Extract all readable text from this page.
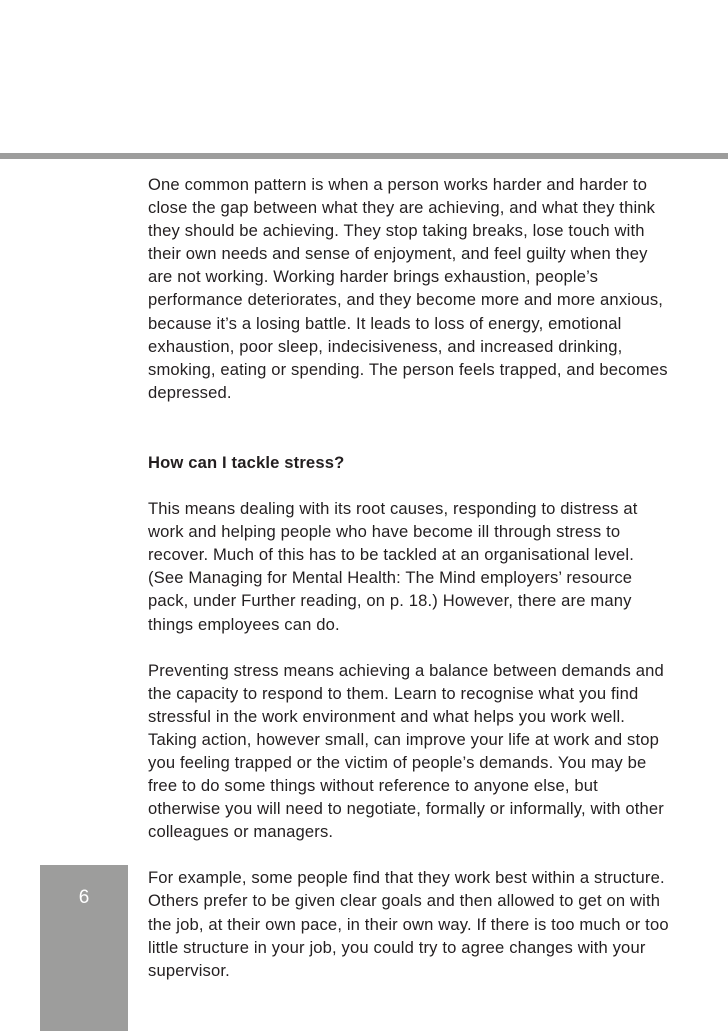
One common pattern is when a person works harder and harder to close the gap between what they are achieving, and what they think they should be achieving. They stop taking breaks, lose touch with their own needs and sense of enjoyment, and feel guilty when they are not working. Working harder brings exhaustion, people’s performance deteriorates, and they become more and more anxious, because it’s a losing battle. It leads to loss of energy, emotional exhaustion, poor sleep, indecisiveness, and increased drinking, smoking, eating or spending. The person feels trapped, and becomes depressed.

How can I tackle stress?

This means dealing with its root causes, responding to distress at work and helping people who have become ill through stress to recover. Much of this has to be tackled at an organisational level. (See Managing for Mental Health: The Mind employers’ resource pack, under Further reading, on p. 18.) However, there are many things employees can do.

Preventing stress means achieving a balance between demands and the capacity to respond to them. Learn to recognise what you find stressful in the work environment and what helps you work well. Taking action, however small, can improve your life at work and stop you feeling trapped or the victim of people’s demands. You may be free to do some things without reference to anyone else, but otherwise you will need to negotiate, formally or informally, with other colleagues or managers.

For example, some people find that they work best within a structure. Others prefer to be given clear goals and then allowed to get on with the job, at their own pace, in their own way. If there is too much or too little structure in your job, you could try to agree changes with your supervisor.

6
